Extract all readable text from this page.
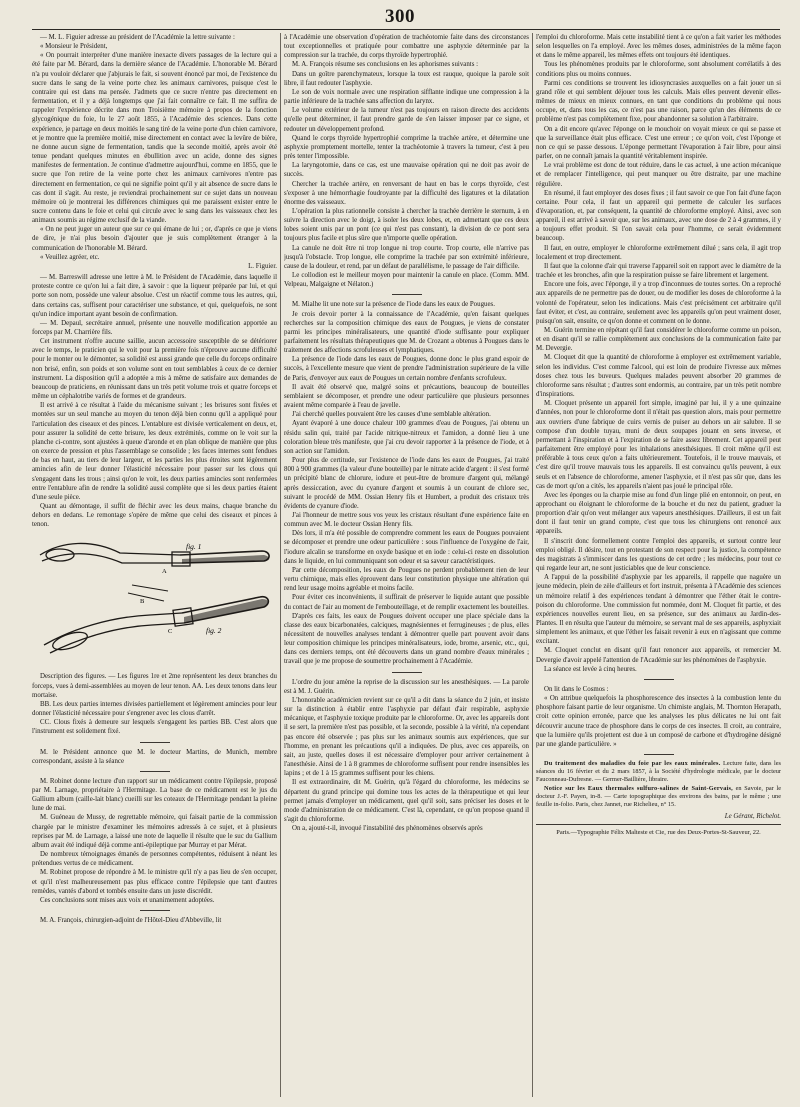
300

— M. L. Figuier adresse au président de l'Académie la lettre suivante :

« Monsieur le Président,

« On pourrait interpréter d'une manière inexacte divers passages de la lecture qui a été faite par M. Bérard, dans la dernière séance de l'Académie. L'honorable M. Bérard n'a pu vouloir déclarer que j'abjurais le fait, si souvent énoncé par moi, de l'existence du sucre dans le sang de la veine porte chez les animaux carnivores, puisque c'est le contraire qui est dans ma pensée. J'admets que ce sucre n'entre pas directement en fermentation, et il y a déjà longtemps que j'ai fait connaître ce fait. Il me suffira de rappeler l'expérience décrite dans mon Troisième mémoire à propos de la fonction glycogénique du foie, lu le 27 août 1855, à l'Académie des sciences. Dans cette expérience, je partage en deux moitiés le sang tiré de la veine porte d'un chien carnivore, et je montre que la première moitié, mise directement en contact avec la levûre de bière, ne donne aucun signe de fermentation, tandis que la seconde moitié, après avoir été tenue pendant quelques minutes en ébullition avec un acide, donne des signes manifestes de fermentation. Je continue d'admettre aujourd'hui, comme en 1855, que le sucre que l'on retire de la veine porte chez les animaux carnivores n'entre pas directement en fermentation, ce qui ne signifie point qu'il y ait absence de sucre dans le cas dont il s'agit. Au reste, je reviendrai prochainement sur ce sujet dans un nouveau mémoire où je montrerai les différences chimiques qui me paraissent exister entre le sucre contenu dans le foie et celui qui circule avec le sang dans les vaisseaux chez les animaux soumis au régime exclusif de la viande.

« On ne peut juger un auteur que sur ce qui émane de lui ; or, d'après ce que je viens de dire, je n'ai plus besoin d'ajouter que je suis complètement étranger à la communication de l'honorable M. Bérard.

« Veuillez agréer, etc.

L. Figuier.

— M. Barreswill adresse une lettre à M. le Président de l'Académie, dans laquelle il proteste contre ce qu'on lui a fait dire, à savoir : que la liqueur préparée par lui, et qui porte son nom, possède une valeur absolue. C'est un réactif comme tous les autres, qui, dans certains cas, suffisent pour caractériser une substance, et qui, quelquefois, ne sont qu'un indice important ayant besoin de confirmation.

— M. Depaul, secrétaire annuel, présente une nouvelle modification apportée au forceps par M. Charrière fils.

Cet instrument n'offre aucune saillie, aucun accessoire susceptible de se détériorer avec le temps, le praticien qui le voit pour la première fois n'éprouve aucune difficulté pour le monter ou le démonter, sa solidité est aussi grande que celle du forceps ordinaire non brisé, enfin, son poids et son volume sont en tout semblables à ceux de ce dernier instrument. La disposition qu'il a adoptée a mis à même de satisfaire aux demandes de beaucoup de praticiens, en réunissant dans un très petit volume trois et quatre forceps et même un céphalotribe variés de formes et de grandeurs.

Il est arrivé à ce résultat à l'aide du mécanisme suivant ; les brisures sont fixées et montées sur un seul manche au moyen du tenon déjà bien connu qu'il a appliqué pour l'articulation des ciseaux et des pinces. L'entablure est divisée verticalement en deux, et, pour assurer la solidité de cette brisure, les deux extrémités, comme on le voit sur la planche ci-contre, sont ajustées à queue d'aronde et en plan oblique de manière que plus on exerce de pression et plus l'assemblage se consolide ; les faces internes sont fendues de bas en haut, au tiers de leur largeur, et les parties les plus étroites sont légèrement amincies afin de leur donner l'élasticité nécessaire pour passer sur les clous qui s'engagent dans les trous ; ainsi qu'on le voit, les deux parties amincies sont renfermées entre l'entablure afin de rendre la solidité aussi complète que si les deux parties étaient d'une seule pièce.

Quant au démontage, il suffit de fléchir avec les deux mains, chaque branche du dehors en dedans. Le remontage s'opère de même que celui des ciseaux et pinces à tenon.

fig. 1
fig. 2
A
B
C

Description des figures. — Les figures 1re et 2me représentent les deux branches du forceps, vues à demi-assemblées au moyen de leur tenon. AA. Les deux tenons dans leur mortaise.

BB. Les deux parties internes divisées partiellement et légèrement amincies pour leur donner l'élasticité nécessaire pour s'engrener avec les clous d'arrêt.

CC. Clous fixés à demeure sur lesquels s'engagent les parties BB. C'est alors que l'instrument est solidement fixé.

M. le Président annonce que M. le docteur Martins, de Munich, membre correspondant, assiste à la séance

M. Robinet donne lecture d'un rapport sur un médicament contre l'épilepsie, proposé par M. Larnage, propriétaire à l'Hermitage. La base de ce médicament est le jus du Gallium album (caille-lait blanc) cueilli sur les coteaux de l'Hermitage pendant la pleine lune de mai.

M. Guéneau de Mussy, de regrettable mémoire, qui faisait partie de la commission chargée par le ministre d'examiner les mémoires adressés à ce sujet, et à plusieurs reprises par M. de Larnage, a laissé une note de laquelle il résulte que le suc du Gallium album avait été indiqué déjà comme anti-épileptique par Murray et par Mérat.

De nombreux témoignages émanés de personnes compétentes, réduisent à néant les prétendues vertus de ce médicament.

M. Robinet propose de répondre à M. le ministre qu'il n'y a pas lieu de s'en occuper, et qu'il n'est malheureusement pas plus efficace contre l'épilepsie que tant d'autres remèdes, vantés d'abord et tombés ensuite dans un juste discrédit.

Ces conclusions sont mises aux voix et unanimement adoptées.

M. A. François, chirurgien-adjoint de l'Hôtel-Dieu d'Abbeville, lit

à l'Académie une observation d'opération de trachéotomie faite dans des circonstances tout exceptionnelles et pratiquée pour combattre une asphyxie déterminée par la compression sur la trachée, du corps thyroïde hypertrophié.

M. A. François résume ses conclusions en les aphorismes suivants :

Dans un goître parenchymateux, lorsque la toux est rauque, quoique la parole soit libre, il faut redouter l'asphyxie.

Le son de voix normale avec une respiration sifflante indique une compression à la partie inférieure de la trachée sans affection du larynx.

Le volume extérieur de la tumeur n'est pas toujours en raison directe des accidents qu'elle peut déterminer, il faut prendre garde de s'en laisser imposer par ce signe, et redouter un développement profond.

Quand le corps thyroïde hypertrophié comprime la trachée artère, et détermine une asphyxie promptement mortelle, tenter la trachéotomie à travers la tumeur, c'est à peu près tenter l'impossible.

La laryngotomie, dans ce cas, est une mauvaise opération qui ne doit pas avoir de succès.

Chercher la trachée artère, en renversant de haut en bas le corps thyroïde, c'est s'exposer à une hémorrhagie foudroyante par la difficulté des ligatures et la dilatation énorme des vaisseaux.

L'opération la plus rationnelle consiste à chercher la trachée derrière le sternum, à en suivre la direction avec le doigt, à isoler les deux lobes, et, en admettant que ces deux lobes soient unis par un pont (ce qui n'est pas constant), la division de ce pont sera toujours plus facile et plus sûre que n'importe quelle opération.

La canule ne doit être ni trop longue ni trop courte. Trop courte, elle n'arrive pas jusqu'à l'obstacle. Trop longue, elle comprime la trachée par son extrémité inférieure, cause de la douleur, et rend, par un défaut de parallélisme, le passage de l'air difficile.

Le collodion est le meilleur moyen pour maintenir la canule en place. (Comm. MM. Velpeau, Malgaigne et Nélaton.)

M. Mialhe lit une note sur la présence de l'iode dans les eaux de Pougues.

Je crois devoir porter à la connaissance de l'Académie, qu'en faisant quelques recherches sur la composition chimique des eaux de Pougues, je viens de constater parmi les principes minéralisateurs, une quantité d'iode suffisante pour expliquer parfaitement les résultats thérapeutiques que M. de Crozant a obtenus à Pougues dans le traitement des affections scrofuleuses et lymphatiques.

La présence de l'iode dans les eaux de Pougues, donne donc le plus grand espoir de succès, à l'excellente mesure que vient de prendre l'administration supérieure de la ville de Paris, d'envoyer aux eaux de Pougues un certain nombre d'enfants scrofuleux.

Il avait été observé que, malgré soins et précautions, beaucoup de bouteilles semblaient se décomposer, et prendre une odeur particulière que plusieurs personnes avaient même comparée à l'eau de javelle.

J'ai cherché quelles pouvaient être les causes d'une semblable altération.

Ayant évaporé à une douce chaleur 100 grammes d'eau de Pougues, j'ai obtenu un résidu salin qui, traité par l'acide nitrique-nitreux et l'amidon, a donné lieu à une coloration bleue très manifeste, que j'ai cru devoir rapporter à la présence de l'iode, et à son action sur l'amidon.

Pour plus de certitude, sur l'existence de l'iode dans les eaux de Pougues, j'ai traité 800 à 900 grammes (la valeur d'une bouteille) par le nitrate acide d'argent : il s'est formé un précipité blanc de chlorure, iodure et peut-être de bromure d'argent qui, mélangé après dessiccation, avec du cyanure d'argent et soumis à un courant de chlore sec, suivant le procédé de MM. Ossian Henry fils et Humbert, a produit des cristaux très évidents de cyanure d'iode.

J'ai l'honneur de mettre sous vos yeux les cristaux résultant d'une expérience faite en commun avec M. le docteur Ossian Henry fils.

Dès lors, il m'a été possible de comprendre comment les eaux de Pougues pouvaient se décomposer et prendre une odeur particulière : sous l'influence de l'oxygène de l'air, l'iodure alcalin se transforme en oxyde basique et en iode : celui-ci reste en dissolution dans le liquide, en lui communiquant son odeur et sa saveur caractéristiques.

Par cette décomposition, les eaux de Pougues ne perdent probablement rien de leur vertu chimique, mais elles éprouvent dans leur constitution physique une altération qui rend leur usage moins agréable et moins facile.

Pour éviter ces inconvénients, il suffirait de préserver le liquide autant que possible du contact de l'air au moment de l'embouteillage, et de remplir exactement les bouteilles.

D'après ces faits, les eaux de Pougues doivent occuper une place spéciale dans la classe des eaux bicarbonatées, calciques, magnésiennes et ferrugineuses ; de plus, elles nécessitent de nouvelles analyses tendant à démontrer quelle part pouvent avoir dans leur composition chimique les principes minéralisateurs, iode, brome, arsenic, etc., qui, dans ces derniers temps, ont été découverts dans un grand nombre d'eaux minérales ; travail que je me propose de soumettre prochainement à l'Académie.

L'ordre du jour amène la reprise de la discussion sur les anesthésiques. — La parole est à M. J. Guérin.

L'honorable académicien revient sur ce qu'il a dit dans la séance du 2 juin, et insiste sur la distinction à établir entre l'asphyxie par défaut d'air respirable, asphyxie mécanique, et l'asphyxie toxique produite par le chloroforme. Or, avec les appareils dont il se sert, la première n'est pas possible, et la seconde, possible à la vérité, n'a cependant pas encore été observée ; pas plus sur les animaux soumis aux expériences, que sur l'homme, en prenant les précautions qu'il a indiquées. De plus, avec ces appareils, on sait, au juste, quelles doses il est nécessaire d'employer pour arriver certainement à l'anesthésie. Ainsi de 1 à 8 grammes de chloroforme suffisent pour rendre insensibles les lapins ; et de 1 à 15 grammes suffisent pour les chiens.

Il est extraordinaire, dit M. Guérin, qu'à l'égard du chloroforme, les médecins se départent du grand principe qui domine tous les actes de la thérapeutique et qui leur permet jamais d'employer un médicament, quel qu'il soit, sans préciser les doses et le mode d'administration de ce médicament. C'est là, cependant, ce qu'on propose quand il s'agit du chloroforme.

On a, ajouté-t-il, invoqué l'instabilité des phénomènes observés après

l'emploi du chloroforme. Mais cette instabilité tient à ce qu'on a fait varier les méthodes selon lesquelles on l'a employé. Avec les mêmes doses, administrées de la même façon et dans le même appareil, les mêmes effets ont toujours été identiques.

Tous les phénomènes produits par le chloroforme, sont absolument corrélatifs à des conditions plus ou moins connues.

Parmi ces conditions se trouvent les idiosyncrasies auxquelles on a fait jouer un si grand rôle et qui semblent déjouer tous les calculs. Mais elles peuvent devenir elles-mêmes de mieux en mieux connues, en tant que conditions du problème qui nous occupe, et, dans tous les cas, ce n'est pas une raison, parce qu'un des éléments de ce problème n'est pas complètement fixe, pour abandonner sa solution à l'arbitraire.

On a dit encore qu'avec l'éponge on le mouchoir on voyait mieux ce qui se passe et que la surveillance était plus efficace. C'est une erreur ; ce qu'on voit, c'est l'éponge et non ce qui se passe dessous. L'éponge permettant l'évaporation à l'air libre, pour ainsi parler, on ne connaît jamais la quantité véritablement inspirée.

Le vrai problème est donc de tout réduire, dans le cas actuel, à une action mécanique et de remplacer l'intelligence, qui peut manquer ou être distraite, par une machine régulière.

En résumé, il faut employer des doses fixes ; il faut savoir ce que l'on fait d'une façon certaine. Pour cela, il faut un appareil qui permette de calculer les surfaces d'évaporation, et, par conséquent, la quantité de chloroforme employé. Ainsi, avec son appareil, il est arrivé à savoir que, sur les animaux, avec une dose de 2 à 4 grammes, il y a toujours effet produit. Si l'on savait cela pour l'homme, ce serait évidemment beaucoup.

Il faut, en outre, employer le chloroforme extrêmement dilué ; sans cela, il agit trop localement et trop directement.

Il faut que la colonne d'air qui traverse l'appareil soit en rapport avec le diamètre de la trachée et les bronches, afin que la respiration puisse se faire librement et largement.

Encore une fois, avec l'éponge, il y a trop d'inconnues de toutes sortes. On a reproché aux appareils de ne permettre pas de douer, ou de modifier les doses de chloroforme à la volonté de l'opérateur, selon les indications. Mais c'est précisément cet arbitraire qu'il faut éviter, et c'est, au contraire, seulement avec les appareils qu'on peut vraiment doser, puisqu'on sait, ensuite, ce qu'on donne et comment on le donne.

M. Guérin termine en répétant qu'il faut considérer le chloroforme comme un poison, et en disant qu'il se rallie complètement aux conclusions de la communication faite par M. Devergie.

M. Cloquet dit que la quantité de chloroforme à employer est extrêmement variable, selon les individus. C'est comme l'alcool, qui est loin de produire l'ivresse aux mêmes doses chez tous les buveurs. Quelques malades peuvent absorber 20 grammes de chloroforme sans résultat ; d'autres sont endormis, au contraire, par un très petit nombre d'inspirations.

M. Cloquet présente un appareil fort simple, imaginé par lui, il y a une quinzaine d'années, non pour le chloroforme dont il n'était pas question alors, mais pour permettre aux ouvriers d'une fabrique de cuirs vernis de puiser au dehors un air salubre. Il se compose d'un double tuyau, muni de deux soupapes jouant en sens inverse, et permettant à l'inspiration et à l'expiration de se faire assez librement. Cet appareil peut parfaitement être employé pour les inhalations anesthésiques. Il croit même qu'il est préférable à tous ceux qu'on a faits ultérieurement. Toutefois, il le trouve mauvais, et c'est dire qu'il trouve mauvais tous les appareils. Il est convaincu qu'ils peuvent, à eux seuls et en l'absence de chloroforme, amener l'asphyxie, et il n'est pas sûr que, dans les cas de mort qu'on a cités, les appareils n'aient pas joué le principal rôle.

Avec les éponges ou la charpie mise au fond d'un linge plié en entonnoir, on peut, en approchant ou éloignant le chloroforme de la bouche et du nez du patient, graduer la proportion d'air qu'on veut mélanger aux vapeurs anesthésiques. D'ailleurs, il est un fait dont il faut tenir un grand compte, c'est que tous les chirurgiens ont renoncé aux appareils.

Il s'inscrit donc formellement contre l'emploi des appareils, et surtout contre leur emploi obligé. Il désire, tout en protestant de son respect pour la justice, la compétence des magistrats à s'immiscer dans les questions de cet ordre ; les médecins, pour tout ce qui regarde leur art, ne sont justiciables que de leur conscience.

A l'appui de la possibilité d'asphyxie par les appareils, il rappelle que naguère un jeune médecin, plein de zèle d'ailleurs et fort instruit, présenta à l'Académie des sciences un mémoire relatif à des expériences tendant à démontrer que l'éther était le contre-poison du chloroforme. Une commission fut nommée, dont M. Cloquet fit partie, et des expériences nouvelles eurent lieu, en sa présence, sur des animaux au Jardin-des-Plantes. Il en résulta que l'auteur du mémoire, se servant mal de ses appareils, asphyxiait simplement les animaux, et que l'éther les faisait revenir à eux en n'agissant que comme excitant.

M. Cloquet conclut en disant qu'il faut renoncer aux appareils, et remercier M. Devergie d'avoir appelé l'attention de l'Académie sur les phénomènes de l'asphyxie.

La séance est levée à cinq heures.

On lit dans le Cosmos :

« On attribue quelquefois la phosphorescence des insectes à la combustion lente du phosphore faisant partie de leur organisme. Un chimiste anglais, M. Thornton Herapath, croit cette opinion erronée, parce que les analyses les plus délicates ne lui ont fait découvrir aucune trace de phosphore dans le corps de ces insectes. Il croit, au contraire, que la lumière qu'ils projettent est due à un composé de carbone et d'hydrogène désigné par une glande particulière. »

Du traitement des maladies du foie par les eaux minérales. Lecture faite, dans les séances du 16 février et du 2 mars 1857, à la Société d'hydrologie médicale, par le docteur Fauconneau-Dufresne. — Germer-Baillière, libraire.

Notice sur les Eaux thermales sulfuro-salines de Saint-Gervais, en Savoie, par le docteur J.-F. Payen, in-8. — Carte topographique des environs des bains, par le même ; une feuille in-folio. Paris, chez Jannet, rue Richelieu, n° 15.

Le Gérant, Richelot.
Paris.—Typographie Félix Malteste et Cie, rue des Deux-Portes-St-Sauveur, 22.
